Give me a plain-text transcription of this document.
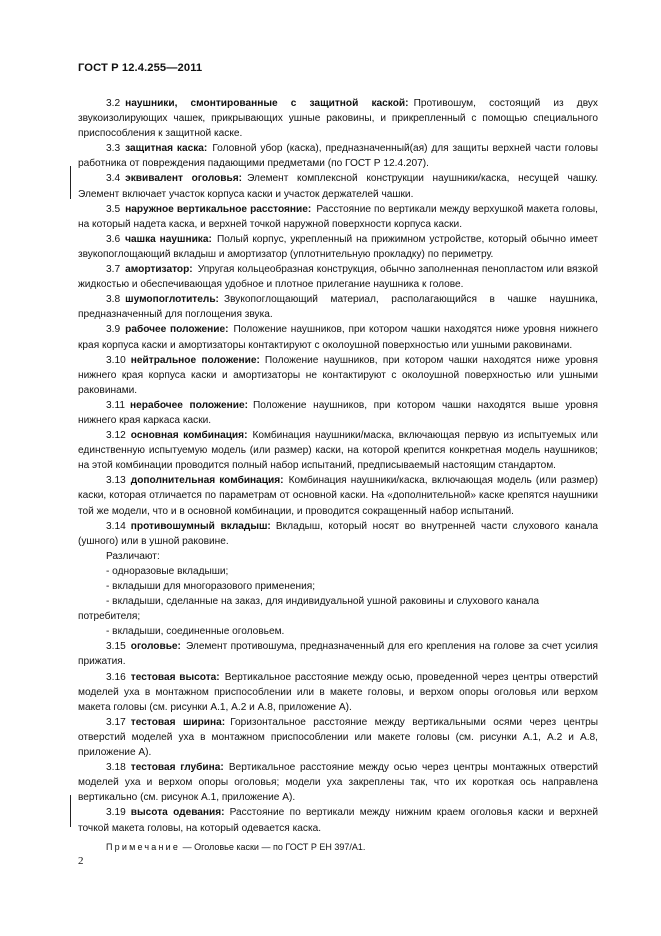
ГОСТ Р 12.4.255—2011

3.2  наушники, смонтированные с защитной каской:  Противошум, состоящий из двух звукоизолирующих чашек, прикрывающих ушные раковины, и прикрепленный с помощью специального приспособления к защитной каске.

3.3  защитная каска:  Головной убор (каска), предназначенный(ая) для защиты верхней части головы работника от повреждения падающими предметами (по ГОСТ Р 12.4.207).

3.4  эквивалент оголовья:  Элемент комплексной конструкции наушники/каска, несущей чашку. Элемент включает участок корпуса каски и участок держателей чашки.

3.5  наружное вертикальное расстояние:  Расстояние по вертикали между верхушкой макета головы, на который надета каска, и верхней точкой наружной поверхности корпуса каски.

3.6  чашка наушника:  Полый корпус, укрепленный на прижимном устройстве, который обычно имеет звукопоглощающий вкладыш и амортизатор (уплотнительную прокладку) по периметру.

3.7  амортизатор:  Упругая кольцеобразная конструкция, обычно заполненная пенопластом или вязкой жидкостью и обеспечивающая удобное и плотное прилегание наушника к голове.

3.8  шумопоглотитель:  Звукопоглощающий материал, располагающийся в чашке наушника, предназначенный для поглощения звука.

3.9  рабочее положение:  Положение наушников, при котором чашки находятся ниже уровня нижнего края корпуса каски и амортизаторы контактируют с околоушной поверхностью или ушными раковинами.

3.10  нейтральное положение:  Положение наушников, при котором чашки находятся ниже уровня нижнего края корпуса каски и амортизаторы не контактируют с околоушной поверхностью или ушными раковинами.

3.11  нерабочее положение:  Положение наушников, при котором чашки находятся выше уровня нижнего края каркаса каски.

3.12  основная комбинация:  Комбинация наушники/маска, включающая первую из испытуемых или единственную испытуемую модель (или размер) каски, на которой крепится конкретная модель наушников; на этой комбинации проводится полный набор испытаний, предписываемый настоящим стандартом.

3.13  дополнительная комбинация:  Комбинация наушники/каска, включающая модель (или размер) каски, которая отличается по параметрам от основной каски. На «дополнительной» каске крепятся наушники той же модели, что и в основной комбинации, и проводится сокращенный набор испытаний.

3.14  противошумный вкладыш:  Вкладыш, который носят во внутренней части слухового канала (ушного) или в ушной раковине.

Различают:

- одноразовые вкладыши;

- вкладыши для многоразового применения;

- вкладыши, сделанные на заказ, для индивидуальной ушной раковины и слухового канала потребителя;

- вкладыши, соединенные оголовьем.

3.15  оголовье:  Элемент противошума, предназначенный для его крепления на голове за счет усилия прижатия.

3.16  тестовая высота:  Вертикальное расстояние между осью, проведенной через центры отверстий моделей уха в монтажном приспособлении или в макете головы, и верхом опоры оголовья или верхом макета головы (см. рисунки А.1, А.2 и А.8, приложение А).

3.17  тестовая ширина:  Горизонтальное расстояние между вертикальными осями через центры отверстий моделей уха в монтажном приспособлении или макете головы (см. рисунки А.1, А.2 и А.8, приложение А).

3.18  тестовая глубина:  Вертикальное расстояние между осью через центры монтажных отверстий моделей уха и верхом опоры оголовья; модели уха закреплены так, что их короткая ось направлена вертикально (см. рисунок А.1, приложение А).

3.19  высота одевания:  Расстояние по вертикали между нижним краем оголовья каски и верхней точкой макета головы, на который одевается каска.

Примечание — Оголовье каски — по ГОСТ Р ЕН 397/А1.

2
